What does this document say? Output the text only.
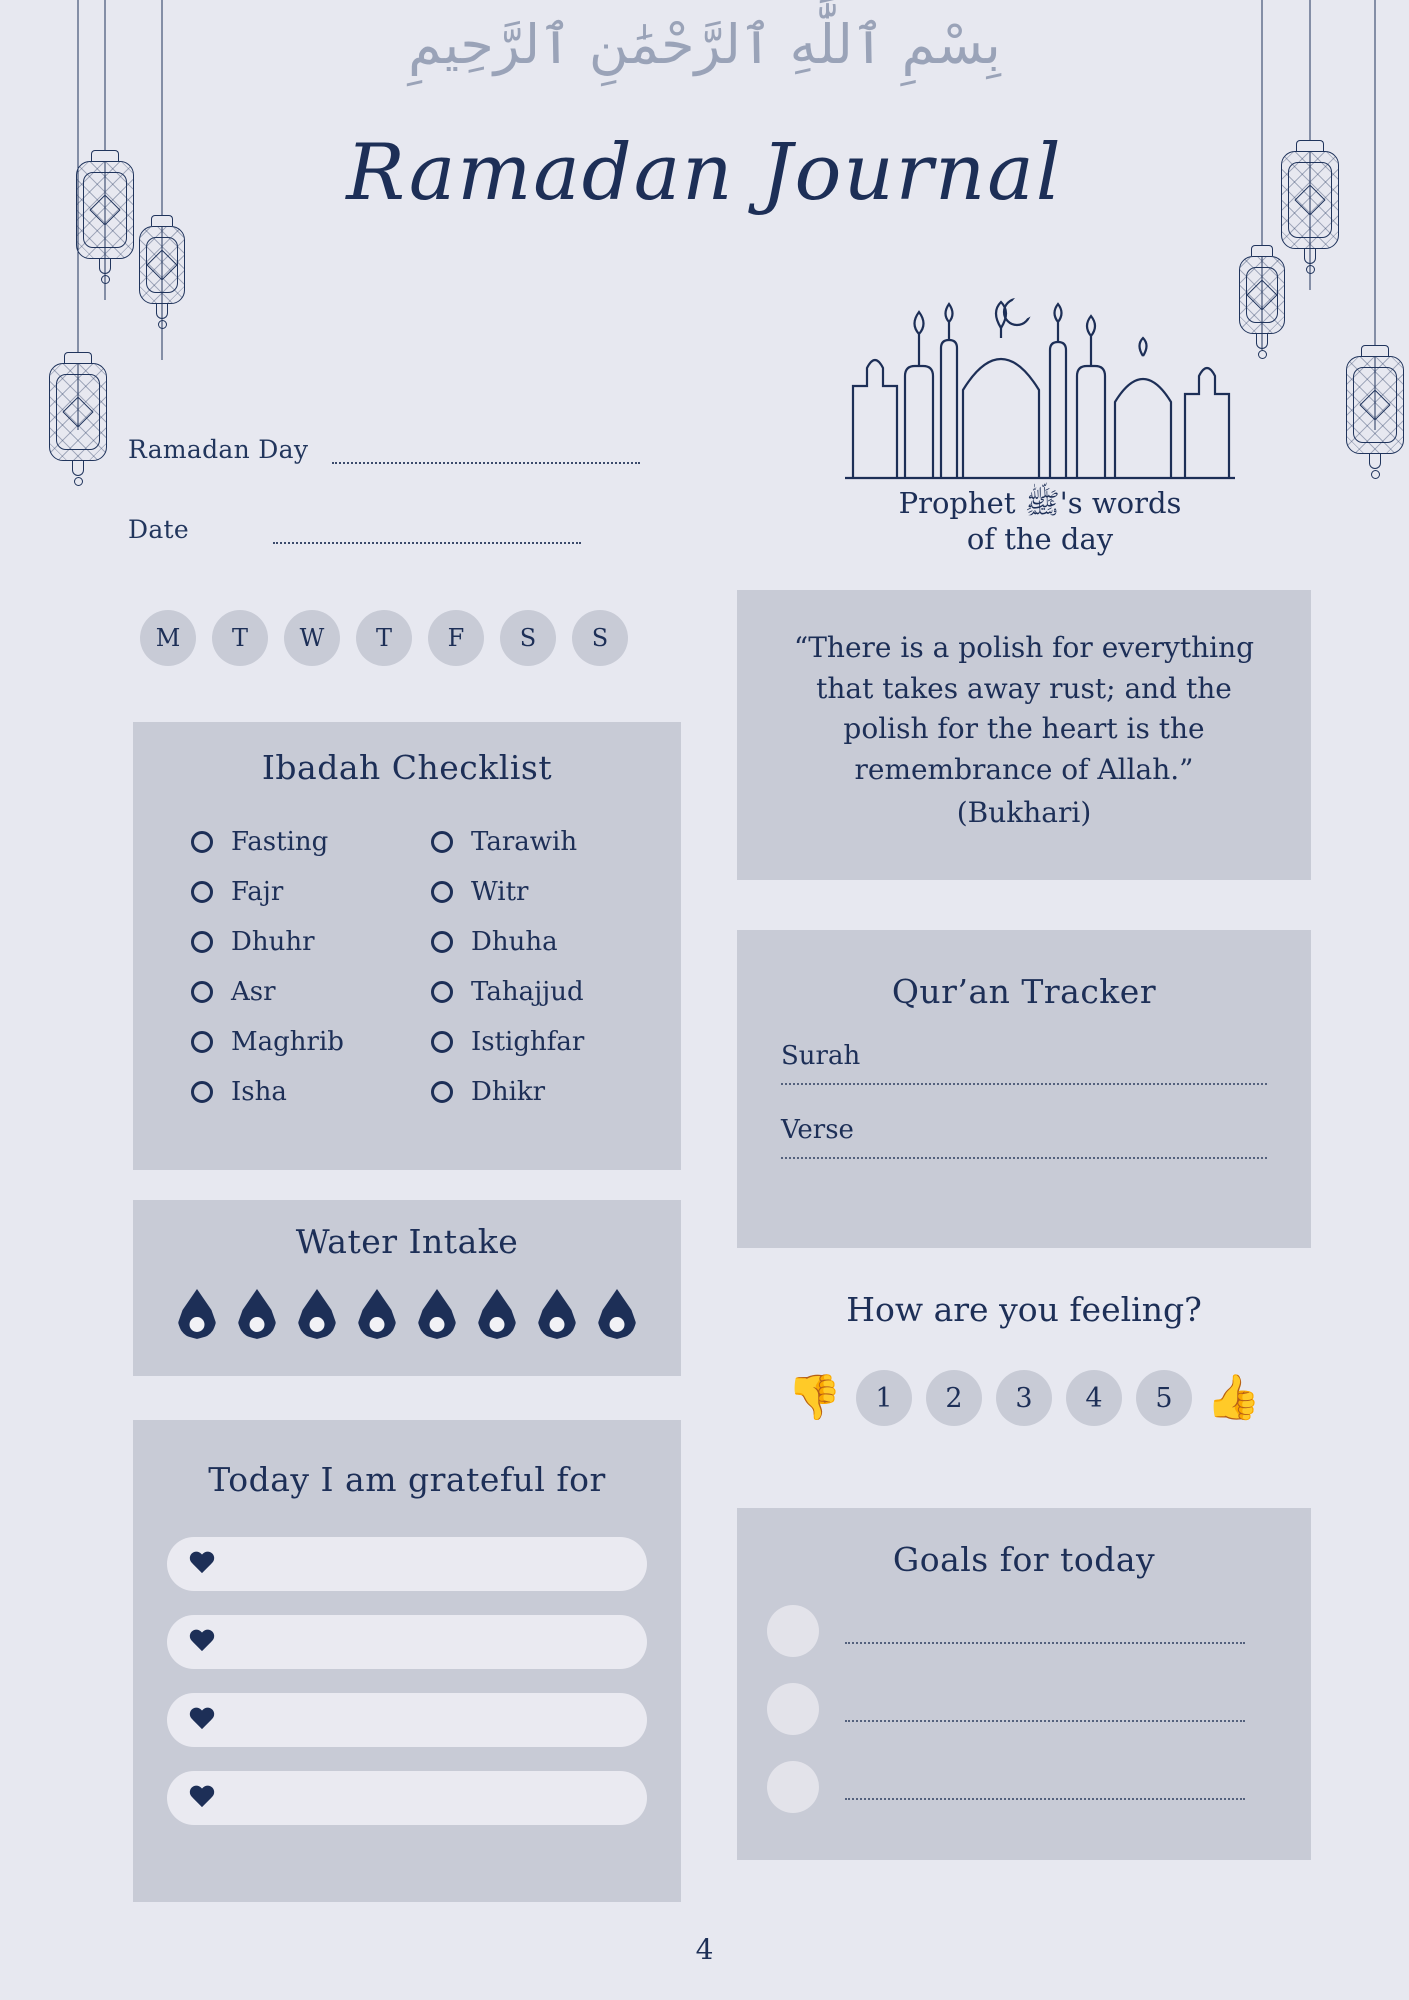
بِسْمِ ٱللَّٰهِ ٱلرَّحْمَٰنِ ٱلرَّحِيمِ
Ramadan Journal
Ramadan Day
Date
Prophet ﷺ's words
of the day
M	T	W	T	F	S	S
Ibadah Checklist
Fasting
Fajr
Dhuhr
Asr
Maghrib
Isha
Tarawih
Witr
Dhuha
Tahajjud
Istighfar
Dhikr
Water Intake
Today I am grateful for
“There is a polish for everything that takes away rust; and the polish for the heart is the remembrance of Allah.”
(Bukhari)
Qur’an Tracker
Surah
Verse
How are you feeling?
👎	1	2	3	4	5 👍
Goals for today
4
